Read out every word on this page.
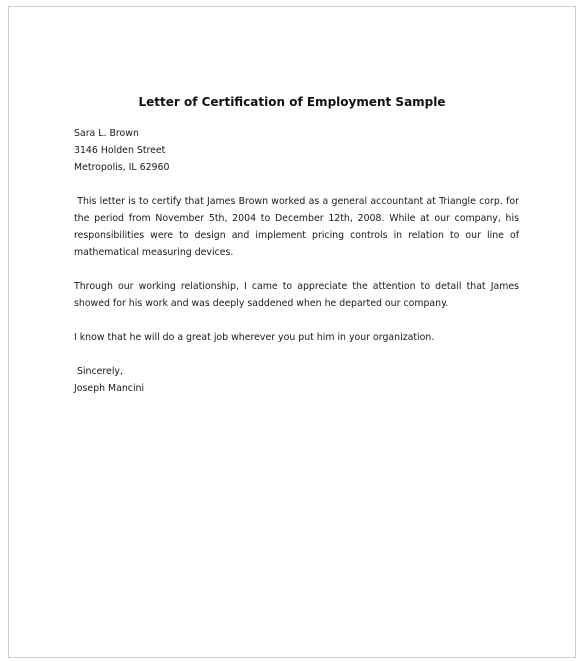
Letter of Certification of Employment Sample
Sara L. Brown
3146 Holden Street
Metropolis, IL 62960

This letter is to certify that James Brown worked as a general accountant at Triangle corp. for the period from November 5th, 2004 to December 12th, 2008. While at our company, his responsibilities were to design and implement pricing controls in relation to our line of mathematical measuring devices.

Through our working relationship, I came to appreciate the attention to detail that James showed for his work and was deeply saddened when he departed our company.

I know that he will do a great job wherever you put him in your organization.

Sincerely,
Joseph Mancini
